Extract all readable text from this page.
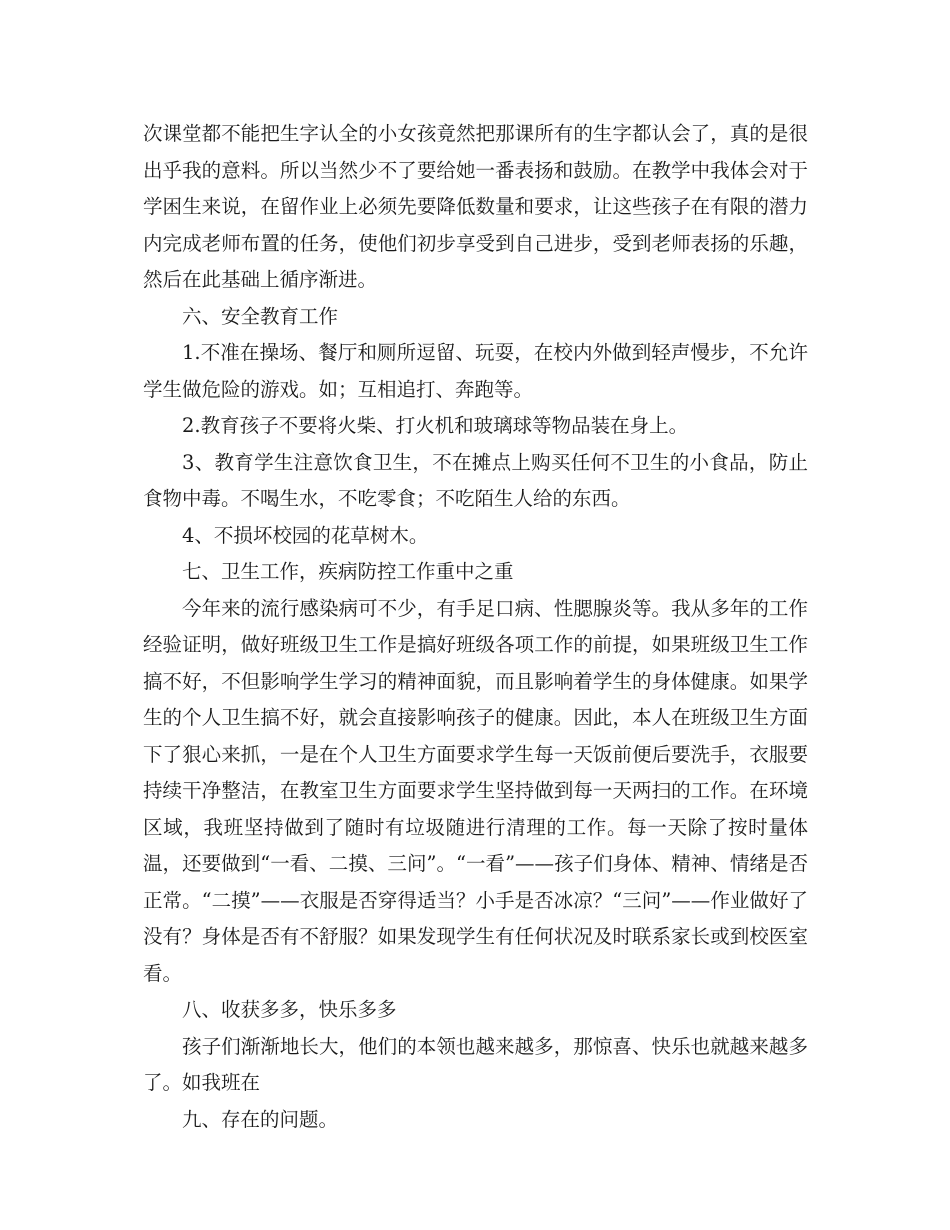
次课堂都不能把生字认全的小女孩竟然把那课所有的生字都认会了，真的是很出乎我的意料。所以当然少不了要给她一番表扬和鼓励。在教学中我体会对于学困生来说，在留作业上必须先要降低数量和要求，让这些孩子在有限的潜力内完成老师布置的任务，使他们初步享受到自己进步，受到老师表扬的乐趣，然后在此基础上循序渐进。

六、安全教育工作

1.不准在操场、餐厅和厕所逗留、玩耍，在校内外做到轻声慢步，不允许学生做危险的游戏。如；互相追打、奔跑等。

2.教育孩子不要将火柴、打火机和玻璃球等物品装在身上。

3、教育学生注意饮食卫生，不在摊点上购买任何不卫生的小食品，防止食物中毒。不喝生水，不吃零食；不吃陌生人给的东西。

4、不损坏校园的花草树木。

七、卫生工作，疾病防控工作重中之重

今年来的流行感染病可不少，有手足口病、性腮腺炎等。我从多年的工作经验证明，做好班级卫生工作是搞好班级各项工作的前提，如果班级卫生工作搞不好，不但影响学生学习的精神面貌，而且影响着学生的身体健康。如果学生的个人卫生搞不好，就会直接影响孩子的健康。因此，本人在班级卫生方面下了狠心来抓，一是在个人卫生方面要求学生每一天饭前便后要洗手，衣服要持续干净整洁，在教室卫生方面要求学生坚持做到每一天两扫的工作。在环境区域，我班坚持做到了随时有垃圾随进行清理的工作。每一天除了按时量体温，还要做到“一看、二摸、三问”。“一看”——孩子们身体、精神、情绪是否正常。“二摸”——衣服是否穿得适当？小手是否冰凉？“三问”——作业做好了没有？身体是否有不舒服？如果发现学生有任何状况及时联系家长或到校医室看。

八、收获多多，快乐多多

孩子们渐渐地长大，他们的本领也越来越多，那惊喜、快乐也就越来越多了。如我班在

九、存在的问题。
